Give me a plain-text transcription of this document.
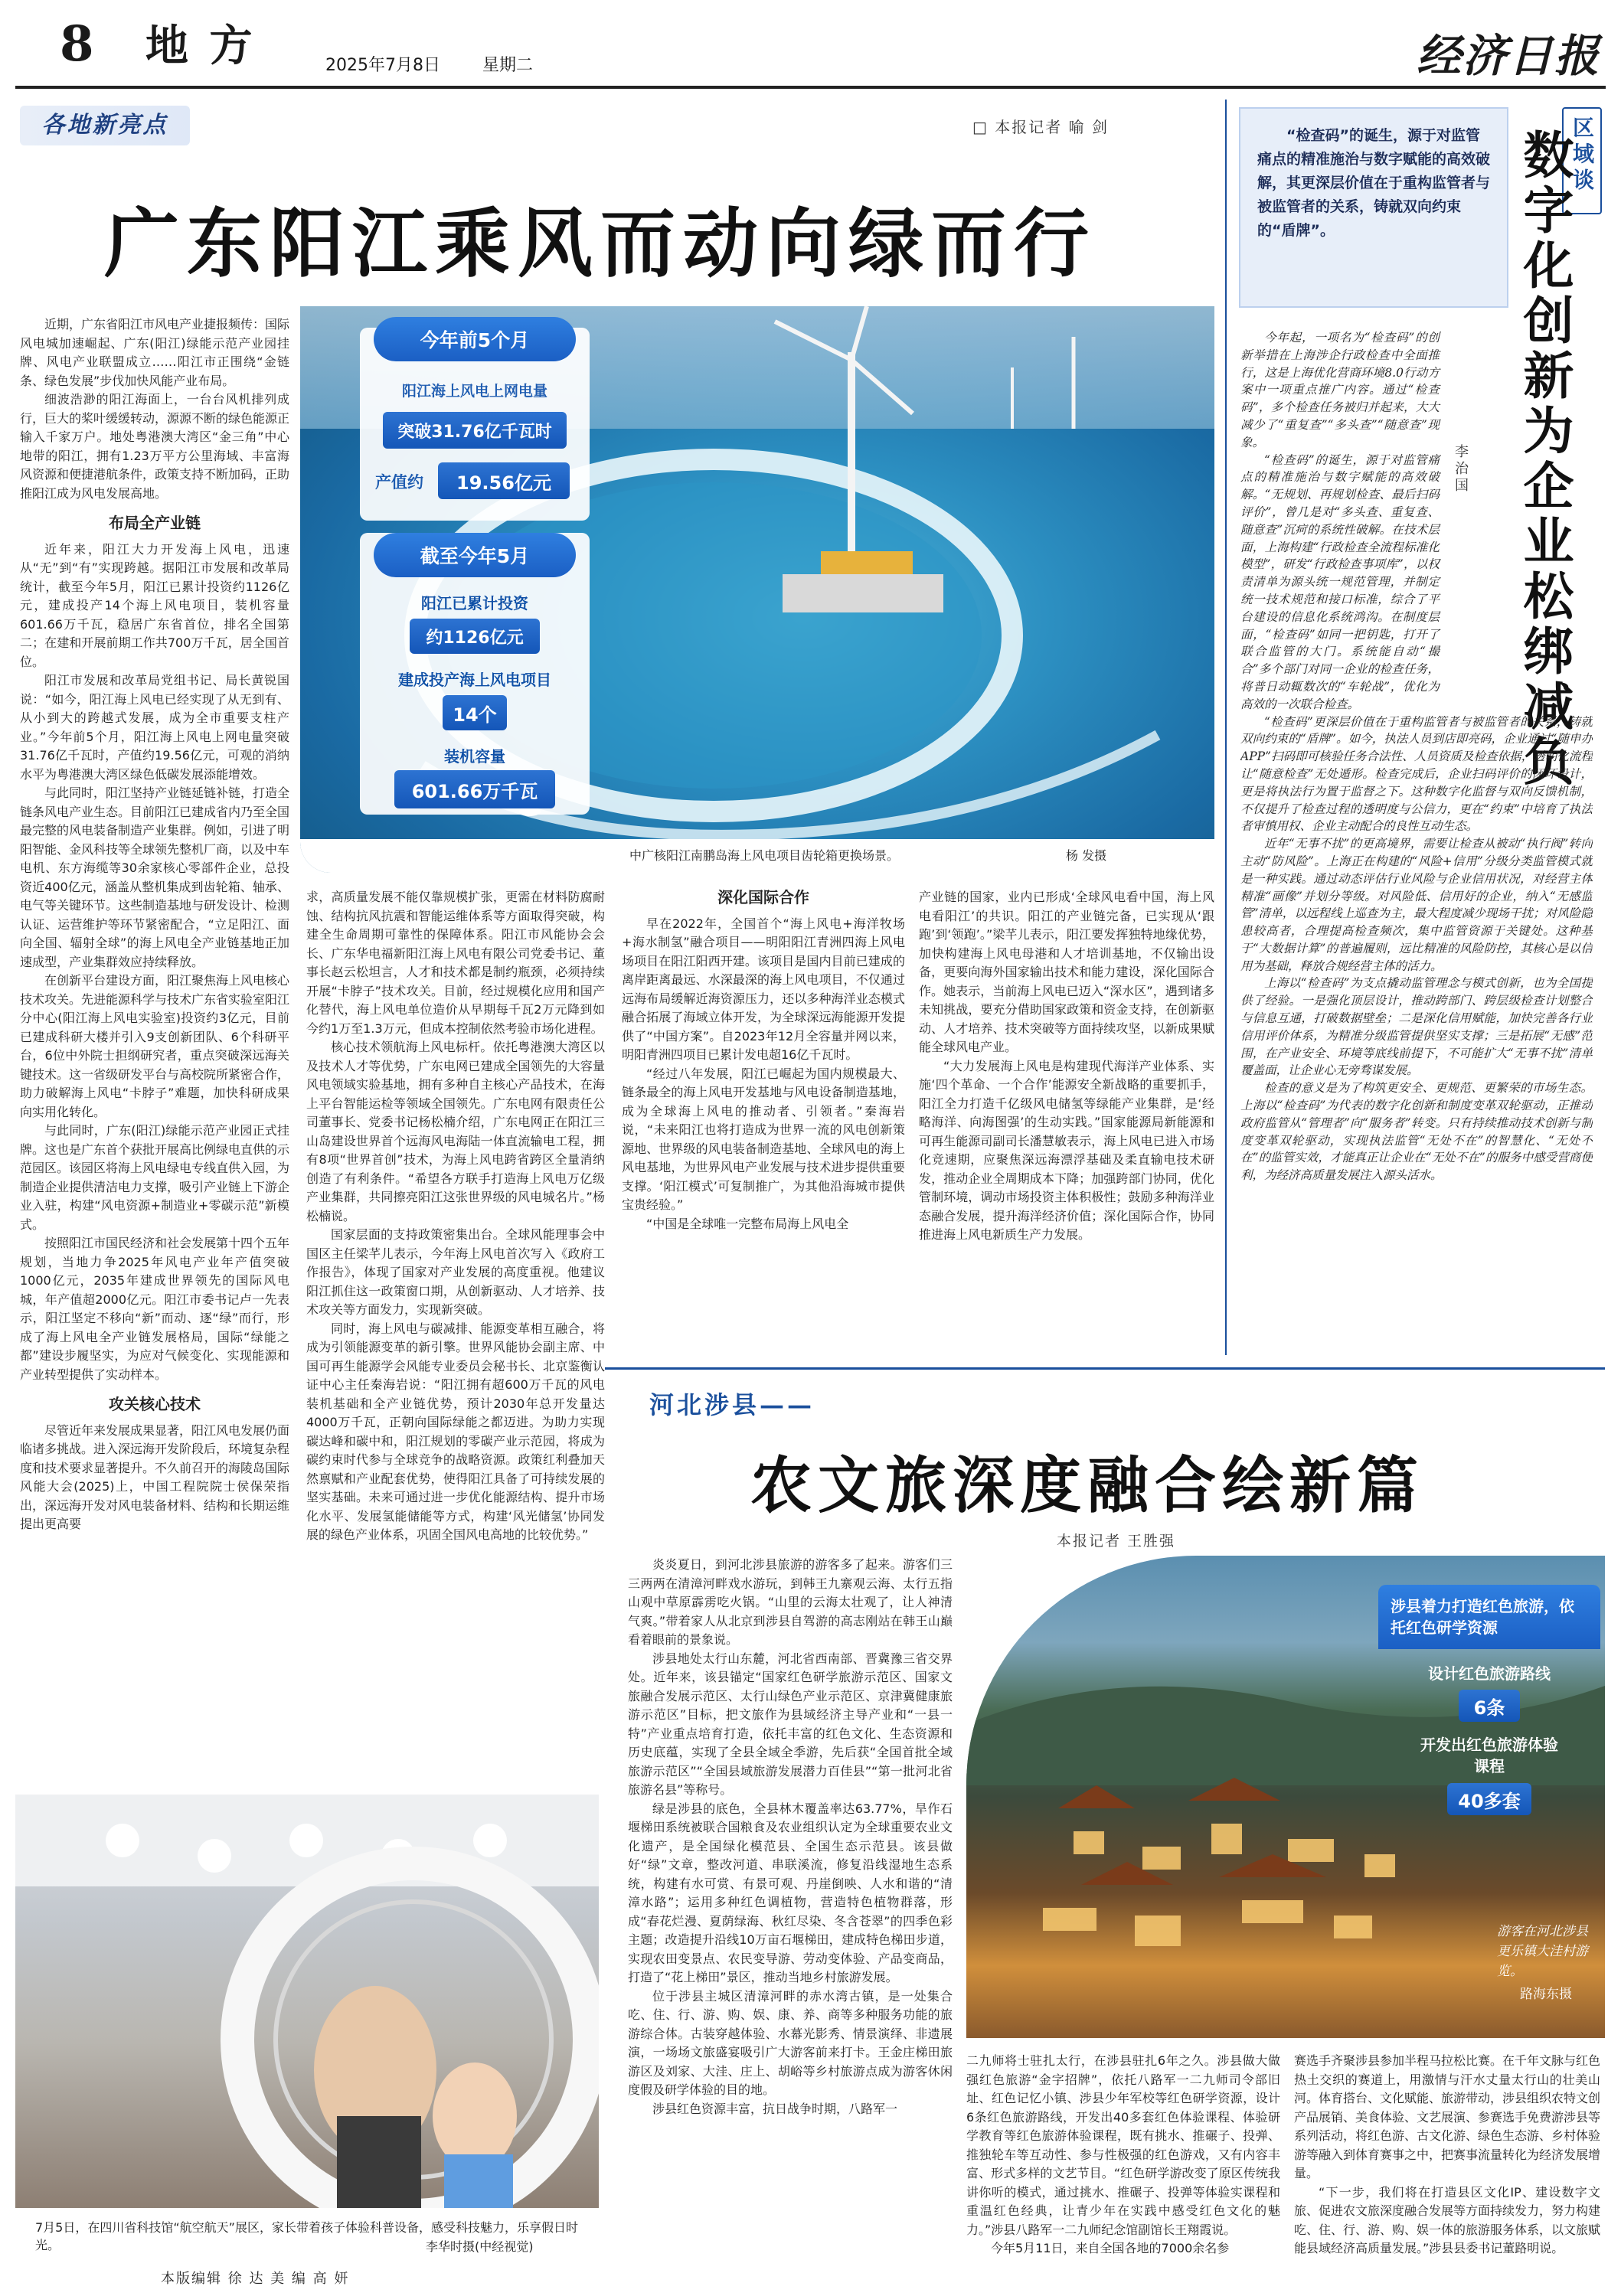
8 地 方	2025年7月8日	星期二	经济日报
各地新亮点	□ 本报记者 喻 剑
广东阳江乘风而动向绿而行
中广核阳江南鹏岛海上风电项目齿轮箱更换场景。	杨 发摄
今年前5个月
阳江海上风电上网电量
突破31.76亿千瓦时
产值约	19.56亿元
截至今年5月
阳江已累计投资
约1126亿元
建成投产海上风电项目
14个
装机容量
601.66万千瓦

近期，广东省阳江市风电产业捷报频传：国际风电城加速崛起、广东(阳江)绿能示范产业园挂牌、风电产业联盟成立……阳江市正围绕“金链条、绿色发展”步伐加快风能产业布局。

细波浩渺的阳江海面上，一台台风机排列成行，巨大的桨叶缓缓转动，源源不断的绿色能源正输入千家万户。地处粤港澳大湾区“金三角”中心地带的阳江，拥有1.23万平方公里海域、丰富海风资源和便捷港航条件，政策支持不断加码，正助推阳江成为风电发展高地。

布局全产业链

近年来，阳江大力开发海上风电，迅速从“无”到“有”实现跨越。据阳江市发展和改革局统计，截至今年5月，阳江已累计投资约1126亿元，建成投产14个海上风电项目，装机容量601.66万千瓦，稳居广东省首位，排名全国第二；在建和开展前期工作共700万千瓦，居全国首位。

阳江市发展和改革局党组书记、局长黄锐国说：“如今，阳江海上风电已经实现了从无到有、从小到大的跨越式发展，成为全市重要支柱产业。”今年前5个月，阳江海上风电上网电量突破31.76亿千瓦时，产值约19.56亿元，可观的消纳水平为粤港澳大湾区绿色低碳发展添能增效。

与此同时，阳江坚持产业链延链补链，打造全链条风电产业生态。目前阳江已建成省内乃至全国最完整的风电装备制造产业集群。例如，引进了明阳智能、金风科技等全球领先整机厂商，以及中车电机、东方海缆等30余家核心零部件企业，总投资近400亿元，涵盖从整机集成到齿轮箱、轴承、电气等关键环节。这些制造基地与研发设计、检测认证、运营维护等环节紧密配合，“立足阳江、面向全国、辐射全球”的海上风电全产业链基地正加速成型，产业集群效应持续释放。

在创新平台建设方面，阳江聚焦海上风电核心技术攻关。先进能源科学与技术广东省实验室阳江分中心(阳江海上风电实验室)投资约3亿元，目前已建成科研大楼并引入9支创新团队、6个科研平台，6位中外院士担纲研究者，重点突破深远海关键技术。这一省级研发平台与高校院所紧密合作，助力破解海上风电“卡脖子”难题，加快科研成果向实用化转化。

与此同时，广东(阳江)绿能示范产业园正式挂牌。这也是广东首个获批开展高比例绿电直供的示范园区。该园区将海上风电绿电专线直供入园，为制造企业提供清洁电力支撑，吸引产业链上下游企业入驻，构建“风电资源+制造业+零碳示范”新模式。

按照阳江市国民经济和社会发展第十四个五年规划，当地力争2025年风电产业年产值突破1000亿元，2035年建成世界领先的国际风电城，年产值超2000亿元。阳江市委书记卢一先表示，阳江坚定不移向“新”而动、逐“绿”而行，形成了海上风电全产业链发展格局，国际“绿能之都”建设步履坚实，为应对气候变化、实现能源和产业转型提供了实动样本。

攻关核心技术

尽管近年来发展成果显著，阳江风电发展仍面临诸多挑战。进入深远海开发阶段后，环境复杂程度和技术要求显著提升。不久前召开的海陵岛国际风能大会(2025)上，中国工程院院士侯保荣指出，深远海开发对风电装备材料、结构和长期运维提出更高要

求，高质量发展不能仅靠规模扩张，更需在材料防腐耐蚀、结构抗风抗震和智能运维体系等方面取得突破，构建全生命周期可靠性的保障体系。阳江市风能协会会长、广东华电福新阳江海上风电有限公司党委书记、董事长赵云松坦言，人才和技术都是制约瓶颈，必须持续开展“卡脖子”技术攻关。目前，经过规模化应用和国产化替代，海上风电单位造价从早期每千瓦2万元降到如今约1万至1.3万元，但成本控制依然考验市场化进程。

核心技术领航海上风电标杆。依托粤港澳大湾区以及技术人才等优势，广东电网已建成全国领先的大容量风电领域实验基地，拥有多种自主核心产品技术，在海上平台智能运检等领域全国领先。广东电网有限责任公司董事长、党委书记杨松楠介绍，广东电网正在阳江三山岛建设世界首个远海风电海陆一体直流输电工程，拥有8项“世界首创”技术，为海上风电跨省跨区全量消纳创造了有利条件。“希望各方联手打造海上风电万亿级产业集群，共同擦亮阳江这张世界级的风电城名片。”杨松楠说。

国家层面的支持政策密集出台。全球风能理事会中国区主任梁芊儿表示，今年海上风电首次写入《政府工作报告》，体现了国家对产业发展的高度重视。他建议阳江抓住这一政策窗口期，从创新驱动、人才培养、技术攻关等方面发力，实现新突破。

同时，海上风电与碳减排、能源变革相互融合，将成为引领能源变革的新引擎。世界风能协会副主席、中国可再生能源学会风能专业委员会秘书长、北京鉴衡认证中心主任秦海岩说：“阳江拥有超600万千瓦的风电装机基础和全产业链优势，预计2030年总开发量达4000万千瓦，正朝向国际绿能之都迈进。为助力实现碳达峰和碳中和，阳江规划的零碳产业示范园，将成为碳约束时代参与全球竞争的战略资源。政策红利叠加天然禀赋和产业配套优势，使得阳江具备了可持续发展的坚实基础。未来可通过进一步优化能源结构、提升市场化水平、发展氢能储能等方式，构建‘风光储氢’协同发展的绿色产业体系，巩固全国风电高地的比较优势。”

深化国际合作

早在2022年，全国首个“海上风电+海洋牧场+海水制氢”融合项目——明阳阳江青洲四海上风电场项目在阳江阳西开建。该项目是国内目前已建成的离岸距离最远、水深最深的海上风电项目，不仅通过远海布局缓解近海资源压力，还以多种海洋业态模式融合拓展了海域立体开发，为全球深远海能源开发提供了“中国方案”。自2023年12月全容量并网以来，明阳青洲四项目已累计发电超16亿千瓦时。

“经过八年发展，阳江已崛起为国内规模最大、链条最全的海上风电开发基地与风电设备制造基地，成为全球海上风电的推动者、引领者。”秦海岩说，“未来阳江也将打造成为世界一流的风电创新策源地、世界级的风电装备制造基地、全球风电的海上风电基地，为世界风电产业发展与技术进步提供重要支撑。‘阳江模式’可复制推广，为其他沿海城市提供宝贵经验。”

“中国是全球唯一完整布局海上风电全

产业链的国家，业内已形成‘全球风电看中国，海上风电看阳江’的共识。阳江的产业链完备，已实现从‘跟跑’到‘领跑’。”梁芊儿表示，阳江要发挥独特地缘优势，加快构建海上风电母港和人才培训基地，不仅输出设备，更要向海外国家输出技术和能力建设，深化国际合作。她表示，当前海上风电已迈入“深水区”，遇到诸多未知挑战，要充分借助国家政策和资金支持，在创新驱动、人才培养、技术突破等方面持续攻坚，以新成果赋能全球风电产业。

“大力发展海上风电是构建现代海洋产业体系、实施‘四个革命、一个合作’能源安全新战略的重要抓手，阳江全力打造千亿级风电储氢等绿能产业集群，是‘经略海洋、向海图强’的生动实践。”国家能源局新能源和可再生能源司副司长潘慧敏表示，海上风电已进入市场化竞速期，应聚焦深远海漂浮基础及柔直输电技术研发，推动企业全周期成本下降；加强跨部门协同，优化管制环境，调动市场投资主体积极性；鼓励多种海洋业态融合发展，提升海洋经济价值；深化国际合作，协同推进海上风电新质生产力发展。

7月5日，在四川省科技馆“航空航天”展区，家长带着孩子体验科普设备，感受科技魅力，乐享假日时光。	李华时摄(中经视觉)
本版编辑 徐 达 美 编 高 妍
“检查码”的诞生，源于对监管痛点的精准施治与数字赋能的高效破解，其更深层价值在于重构监管者与被监管者的关系，铸就双向约束的“盾牌”。
区域谈
数字化创新为企业松绑减负
李治国

今年起，一项名为“检查码”的创新举措在上海涉企行政检查中全面推行，这是上海优化营商环境8.0行动方案中一项重点推广内容。通过“检查码”，多个检查任务被归并起来，大大减少了“重复查”“多头查”“随意查”现象。

“检查码”的诞生，源于对监管痛点的精准施治与数字赋能的高效破解。“无规划、再规划检查、最后扫码评价”，曾几是对“多头查、重复查、随意查”沉疴的系统性破解。在技术层面，上海构建“行政检查全流程标准化模型”，研发“行政检查事项库”，以权责清单为源头统一规范管理，并制定统一技术规范和接口标准，综合了平台建设的信息化系统鸿沟。在制度层面，“检查码”如同一把钥匙，打开了联合监管的大门。系统能自动“撮合”多个部门对同一企业的检查任务，将普日动辄数次的“车轮战”，优化为高效的一次联合检查。

“检查码”更深层价值在于重构监管者与被监管者的关系，铸就双向约束的“盾牌”。如今，执法人员到店即亮码，企业通过“随申办APP”扫码即可核验任务合法性、人员资质及检查依据，透明化流程让“随意检查”无处遁形。检查完成后，企业扫码评价的闭环设计，更是将执法行为置于监督之下。这种数字化监督与双向反馈机制，不仅提升了检查过程的透明度与公信力，更在“约束”中培育了执法者审慎用权、企业主动配合的良性互动生态。

近年“无事不扰”的更高境界，需要让检查从被动“执行阀”转向主动“防风险”。上海正在构建的“风险+信用”分级分类监管模式就是一种实践。通过动态评估行业风险与企业信用状况，对经营主体精准“画像”并划分等级。对风险低、信用好的企业，纳入“无感监管”清单，以远程线上巡查为主，最大程度减少现场干扰；对风险隐患较高者，合理提高检查频次，集中监管资源于关键处。这种基于“大数据计算”的普遍履则，远比精准的风险防控，其核心是以信用为基础，释放合规经营主体的活力。

上海以“检查码”为支点撬动监管理念与模式创新，也为全国提供了经验。一是强化顶层设计，推动跨部门、跨层级检查计划整合与信息互通，打破数据壁垒；二是深化信用赋能，加快完善各行业信用评价体系，为精准分级监管提供坚实支撑；三是拓展“无感”范围，在产业安全、环境等底线前提下，不可能扩大“无事不扰”清单覆盖面，让企业心无旁骛谋发展。

检查的意义是为了构筑更安全、更规范、更繁荣的市场生态。上海以“检查码”为代表的数字化创新和制度变革双轮驱动，正推动政府监管从“管理者”向“服务者”转变。只有持续推动技术创新与制度变革双轮驱动，实现执法监管“无处不在”的智慧化、“无处不在”的监管实效，才能真正让企业在“无处不在”的服务中感受营商便利，为经济高质量发展注入源头活水。

河北涉县——
农文旅深度融合绘新篇
本报记者 王胜强
涉县着力打造红色旅游，依托红色研学资源
设计红色旅游路线
6条
开发出红色旅游体验课程
40多套
游客在河北涉县更乐镇大洼村游览。
路海东摄

炎炎夏日，到河北涉县旅游的游客多了起来。游客们三三两两在清漳河畔戏水游玩，到韩王九寨观云海、太行五指山观中草原霹雳吃火锅。“山里的云海太壮观了，让人神清气爽。”带着家人从北京到涉县自驾游的高志刚站在韩王山巅看着眼前的景象说。

涉县地处太行山东麓，河北省西南部、晋冀豫三省交界处。近年来，该县锚定“国家红色研学旅游示范区、国家文旅融合发展示范区、太行山绿色产业示范区、京津冀健康旅游示范区”目标，把文旅作为县域经济主导产业和“一县一特”产业重点培育打造，依托丰富的红色文化、生态资源和历史底蕴，实现了全县全域全季游，先后获“全国首批全域旅游示范区”“全国县域旅游发展潜力百佳县”“第一批河北省旅游名县”等称号。

绿是涉县的底色，全县林木覆盖率达63.77%，旱作石堰梯田系统被联合国粮食及农业组织认定为全球重要农业文化遗产，是全国绿化模范县、全国生态示范县。该县做好“绿”文章，整改河道、串联溪流，修复沿线湿地生态系统，构建有水可赏、有景可观、丹崖倒映、人水和谐的“清漳水路”；运用多种红色调植物，营造特色植物群落，形成“春花烂漫、夏荫绿海、秋红尽染、冬含苍翠”的四季色彩主题；改造提升沿线10万亩石堰梯田，建成特色梯田步道，实现农田变景点、农民变导游、劳动变体验、产品变商品，打造了“花上梯田”景区，推动当地乡村旅游发展。

位于涉县主城区清漳河畔的赤水湾古镇，是一处集合吃、住、行、游、购、娱、康、养、商等多种服务功能的旅游综合体。古装穿越体验、水幕光影秀、情景演绎、非遗展演，一场场文旅盛宴吸引广大游客前来打卡。王金庄梯田旅游区及刘家、大洼、庄上、胡峪等乡村旅游点成为游客休闲度假及研学体验的目的地。

涉县红色资源丰富，抗日战争时期，八路军一

二九师将士驻扎太行，在涉县驻扎6年之久。涉县做大做强红色旅游“金字招牌”，依托八路军一二九师司令部旧址、红色记忆小镇、涉县少年军校等红色研学资源，设计6条红色旅游路线，开发出40多套红色体验课程、体验研学教育等红色旅游体验课程，既有挑水、推碾子、投弹、推独轮车等互动性、参与性极强的红色游戏，又有内容丰富、形式多样的文艺节目。“红色研学游改变了原区传统我讲你听的模式，通过挑水、推碾子、投弹等体验实课程和重温红色经典，让青少年在实践中感受红色文化的魅力。”涉县八路军一二九师纪念馆副馆长王翔霞说。

今年5月11日，来自全国各地的7000余名参

赛选手齐聚涉县参加半程马拉松比赛。在千年文脉与红色热土交织的赛道上，用激情与汗水丈量太行山的壮美山河。体育搭台、文化赋能、旅游带动，涉县组织农特文创产品展销、美食体验、文艺展演、参赛选手免费游涉县等系列活动，将红色游、古文化游、绿色生态游、乡村体验游等融入到体育赛事之中，把赛事流量转化为经济发展增量。

“下一步，我们将在打造县区文化IP、建设数字文旅、促进农文旅深度融合发展等方面持续发力，努力构建吃、住、行、游、购、娱一体的旅游服务体系，以文旅赋能县域经济高质量发展。”涉县县委书记董路明说。
